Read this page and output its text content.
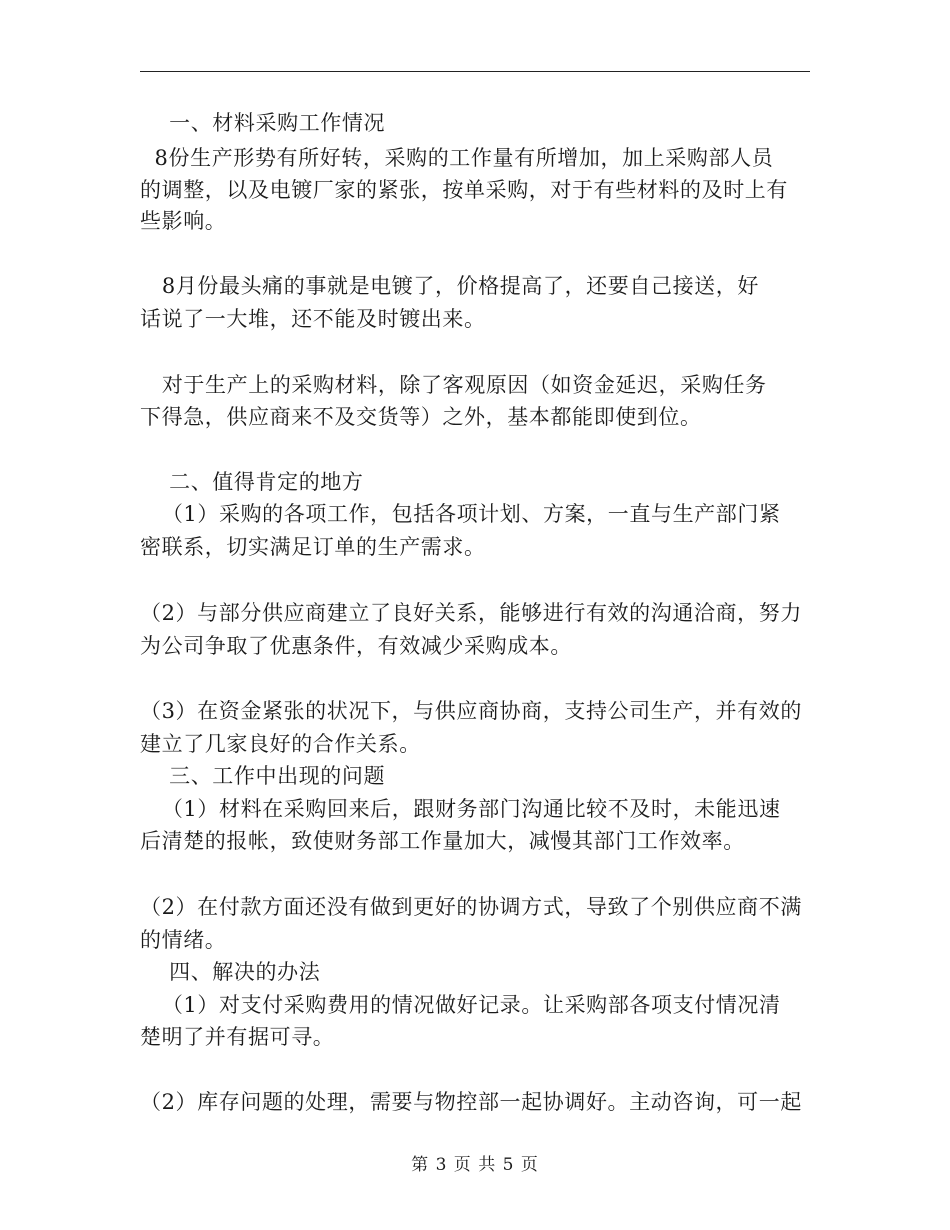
一、材料采购工作情况
8份生产形势有所好转，采购的工作量有所增加，加上采购部人员
的调整，以及电镀厂家的紧张，按单采购，对于有些材料的及时上有
些影响。
8月份最头痛的事就是电镀了，价格提高了，还要自己接送，好
话说了一大堆，还不能及时镀出来。
对于生产上的采购材料，除了客观原因（如资金延迟，采购任务
下得急，供应商来不及交货等）之外，基本都能即使到位。
二、值得肯定的地方
（1）采购的各项工作，包括各项计划、方案，一直与生产部门紧
密联系，切实满足订单的生产需求。
（2）与部分供应商建立了良好关系，能够进行有效的沟通洽商，努力
为公司争取了优惠条件，有效减少采购成本。
（3）在资金紧张的状况下，与供应商协商，支持公司生产，并有效的
建立了几家良好的合作关系。
三、工作中出现的问题
（1）材料在采购回来后，跟财务部门沟通比较不及时，未能迅速
后清楚的报帐，致使财务部工作量加大，减慢其部门工作效率。
（2）在付款方面还没有做到更好的协调方式，导致了个别供应商不满
的情绪。
四、解决的办法
（1）对支付采购费用的情况做好记录。让采购部各项支付情况清
楚明了并有据可寻。
（2）库存问题的处理，需要与物控部一起协调好。主动咨询，可一起
第 3 页 共 5 页
